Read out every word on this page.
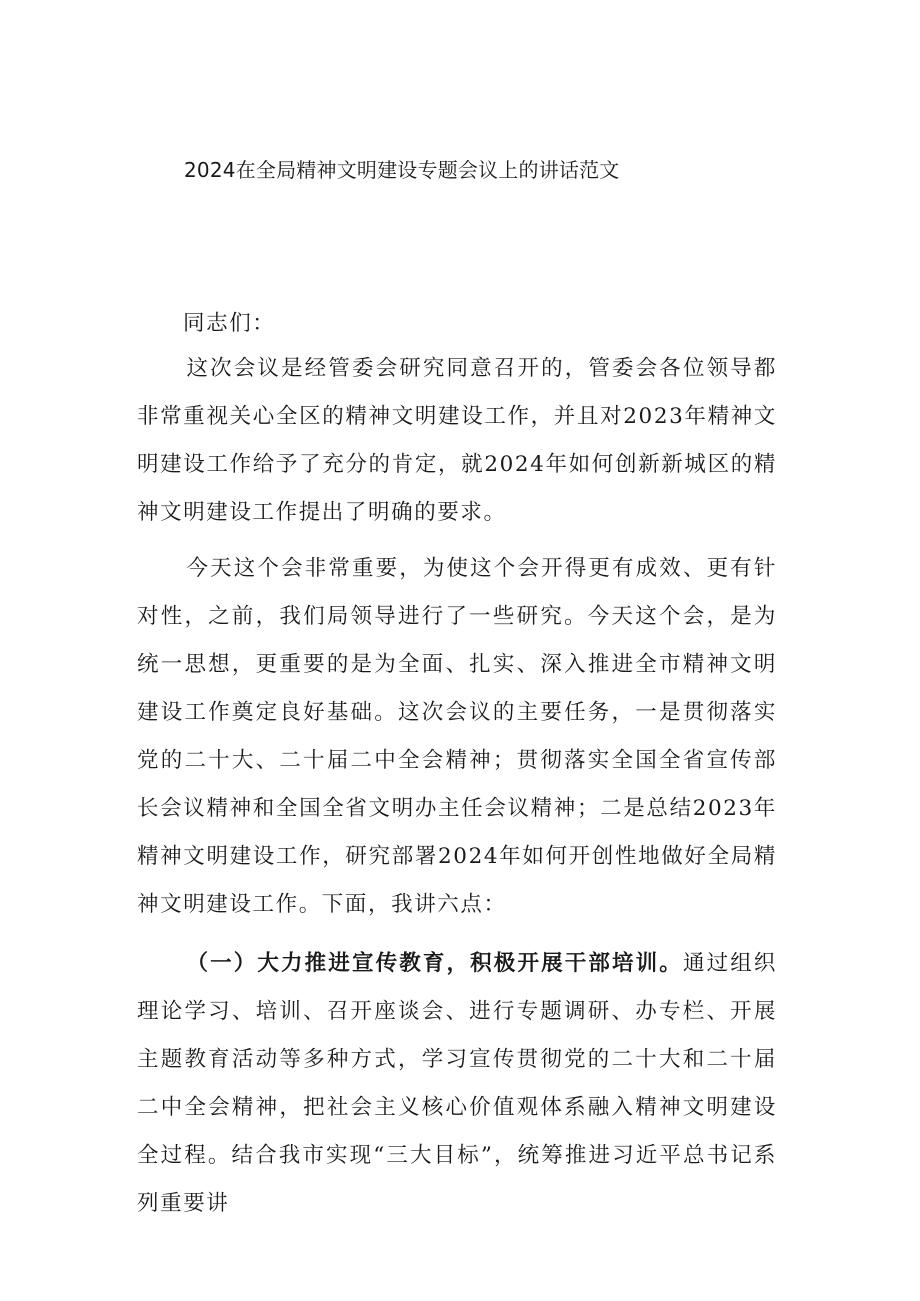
2024在全局精神文明建设专题会议上的讲话范文
同志们：

这次会议是经管委会研究同意召开的，管委会各位领导都非常重视关心全区的精神文明建设工作，并且对2023年精神文明建设工作给予了充分的肯定，就2024年如何创新新城区的精神文明建设工作提出了明确的要求。

今天这个会非常重要，为使这个会开得更有成效、更有针对性，之前，我们局领导进行了一些研究。今天这个会，是为统一思想，更重要的是为全面、扎实、深入推进全市精神文明建设工作奠定良好基础。这次会议的主要任务，一是贯彻落实党的二十大、二十届二中全会精神；贯彻落实全国全省宣传部长会议精神和全国全省文明办主任会议精神；二是总结2023年精神文明建设工作，研究部署2024年如何开创性地做好全局精神文明建设工作。下面，我讲六点：

（一）大力推进宣传教育，积极开展干部培训。通过组织理论学习、培训、召开座谈会、进行专题调研、办专栏、开展主题教育活动等多种方式，学习宣传贯彻党的二十大和二十届二中全会精神，把社会主义核心价值观体系融入精神文明建设全过程。结合我市实现“三大目标”，统筹推进习近平总书记系列重要讲
